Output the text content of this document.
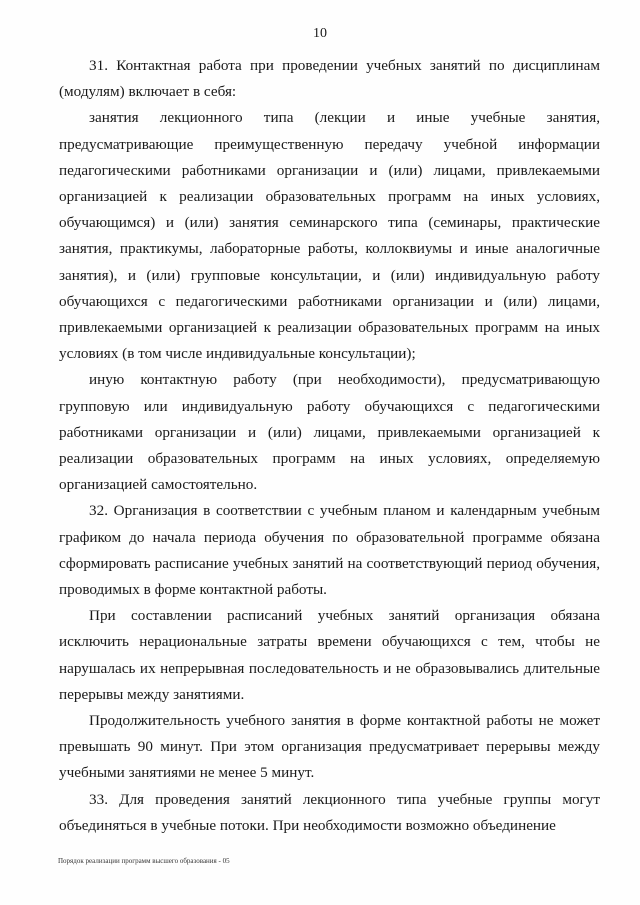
10

31. Контактная работа при проведении учебных занятий по дисциплинам (модулям) включает в себя:

занятия лекционного типа (лекции и иные учебные занятия, предусматривающие преимущественную передачу учебной информации педагогическими работниками организации и (или) лицами, привлекаемыми организацией к реализации образовательных программ на иных условиях, обучающимся) и (или) занятия семинарского типа (семинары, практические занятия, практикумы, лабораторные работы, коллоквиумы и иные аналогичные занятия), и (или) групповые консультации, и (или) индивидуальную работу обучающихся с педагогическими работниками организации и (или) лицами, привлекаемыми организацией к реализации образовательных программ на иных условиях (в том числе индивидуальные консультации);

иную контактную работу (при необходимости), предусматривающую групповую или индивидуальную работу обучающихся с педагогическими работниками организации и (или) лицами, привлекаемыми организацией к реализации образовательных программ на иных условиях, определяемую организацией самостоятельно.

32. Организация в соответствии с учебным планом и календарным учебным графиком до начала периода обучения по образовательной программе обязана сформировать расписание учебных занятий на соответствующий период обучения, проводимых в форме контактной работы.

При составлении расписаний учебных занятий организация обязана исключить нерациональные затраты времени обучающихся с тем, чтобы не нарушалась их непрерывная последовательность и не образовывались длительные перерывы между занятиями.

Продолжительность учебного занятия в форме контактной работы не может превышать 90 минут. При этом организация предусматривает перерывы между учебными занятиями не менее 5 минут.

33. Для проведения занятий лекционного типа учебные группы могут объединяться в учебные потоки. При необходимости возможно объединение

Порядок реализации программ высшего образования - 05
